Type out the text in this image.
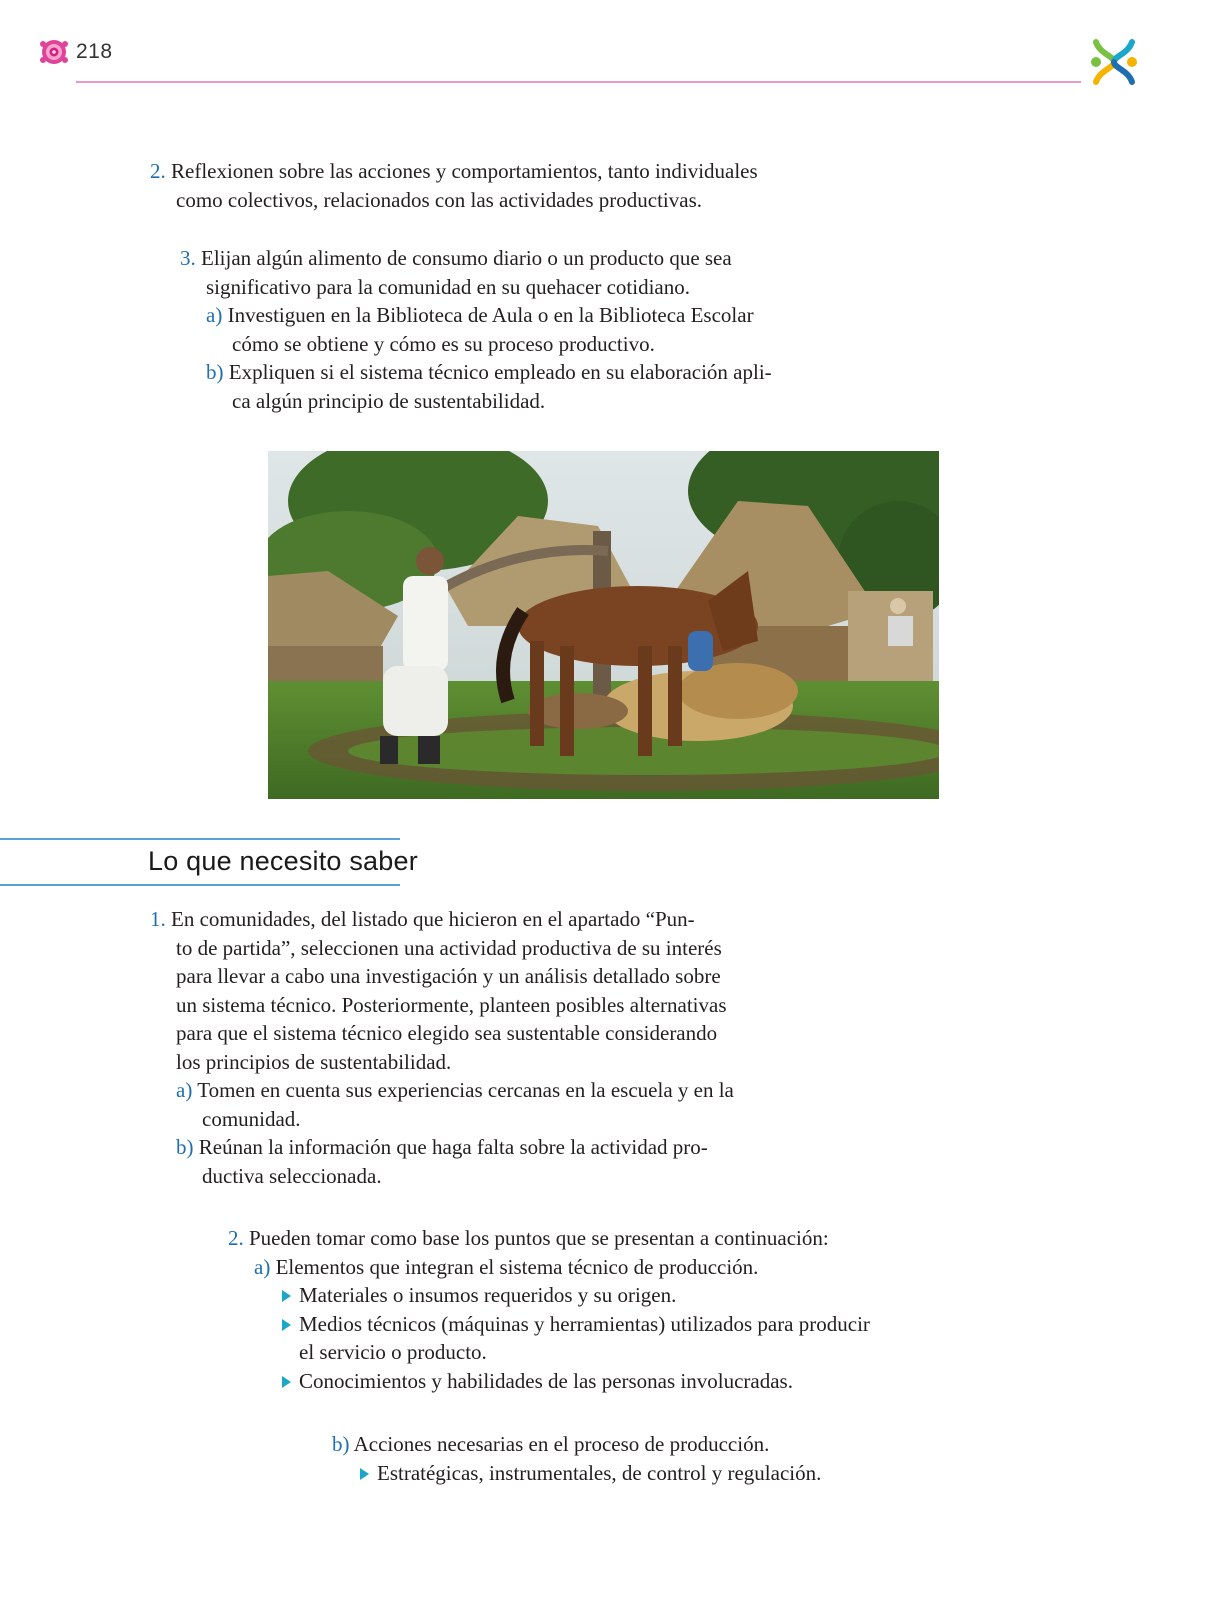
218
2. Reflexionen sobre las acciones y comportamientos, tanto individuales
como colectivos, relacionados con las actividades productivas.
3. Elijan algún alimento de consumo diario o un producto que sea
significativo para la comunidad en su quehacer cotidiano.
a) Investiguen en la Biblioteca de Aula o en la Biblioteca Escolar
cómo se obtiene y cómo es su proceso productivo.
b) Expliquen si el sistema técnico empleado en su elaboración apli-
ca algún principio de sustentabilidad.
Lo que necesito saber
1. En comunidades, del listado que hicieron en el apartado “Pun-
to de partida”, seleccionen una actividad productiva de su interés
para llevar a cabo una investigación y un análisis detallado sobre
un sistema técnico. Posteriormente, planteen posibles alternativas
para que el sistema técnico elegido sea sustentable considerando
los principios de sustentabilidad.
a) Tomen en cuenta sus experiencias cercanas en la escuela y en la
comunidad.
b) Reúnan la información que haga falta sobre la actividad pro-
ductiva seleccionada.
2. Pueden tomar como base los puntos que se presentan a continuación:
a) Elementos que integran el sistema técnico de producción.
Materiales o insumos requeridos y su origen.
Medios técnicos (máquinas y herramientas) utilizados para producir
el servicio o producto.
Conocimientos y habilidades de las personas involucradas.
b) Acciones necesarias en el proceso de producción.
Estratégicas, instrumentales, de control y regulación.
